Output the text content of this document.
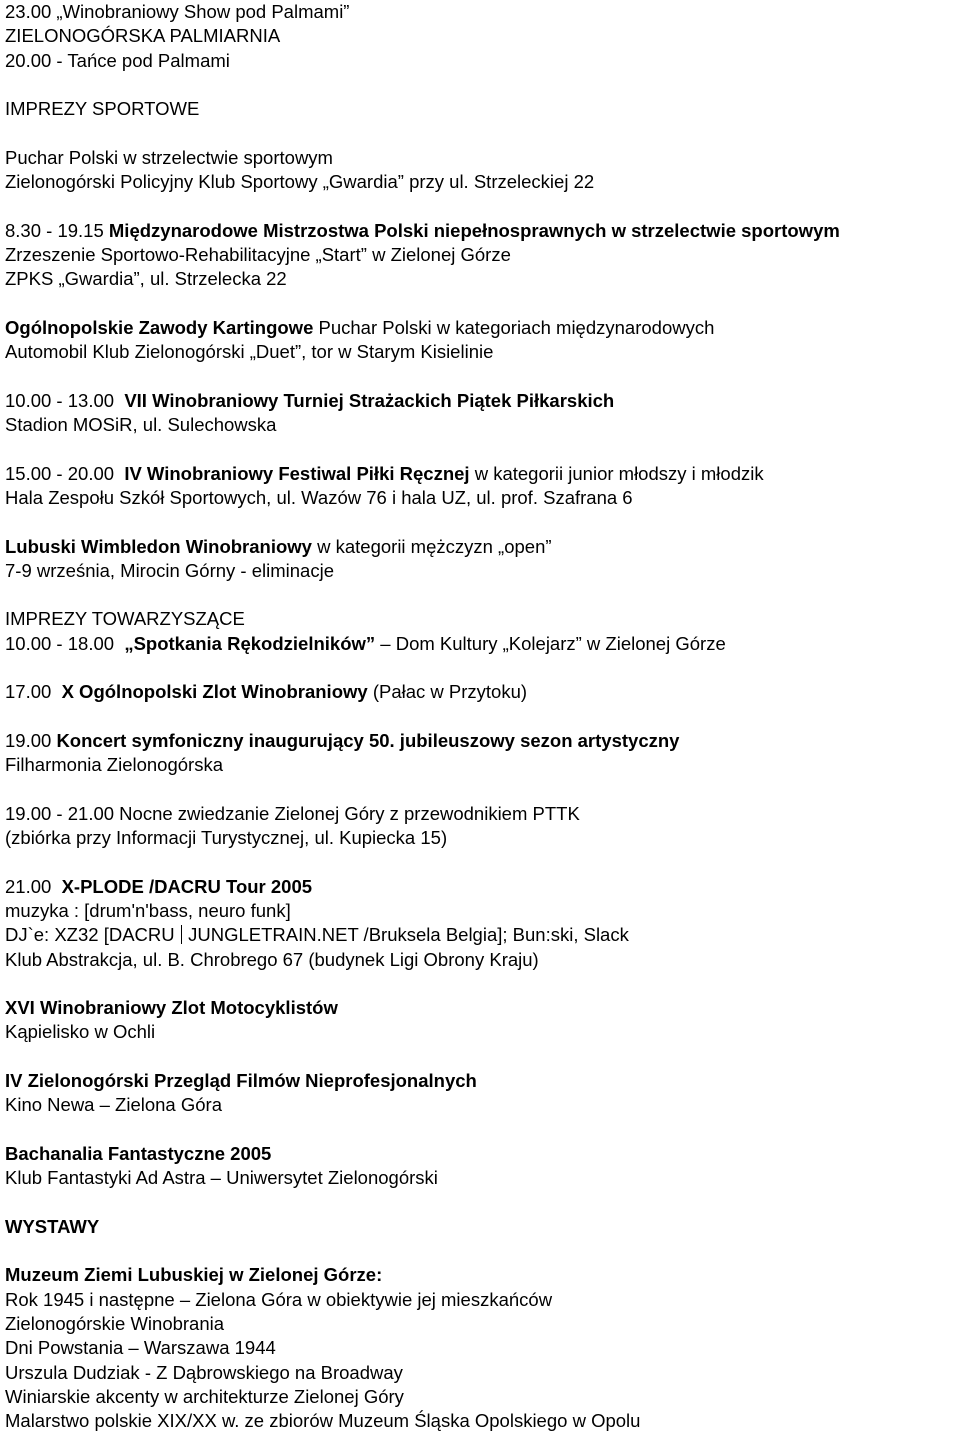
23.00 „Winobraniowy Show pod Palmami”
ZIELONOGÓRSKA PALMIARNIA
20.00 - Tańce pod Palmami
IMPREZY SPORTOWE
Puchar Polski w strzelectwie sportowym
Zielonogórski Policyjny Klub Sportowy „Gwardia” przy ul. Strzeleckiej 22
8.30 - 19.15 Międzynarodowe Mistrzostwa Polski niepełnosprawnych w strzelectwie sportowym
Zrzeszenie Sportowo-Rehabilitacyjne „Start” w Zielonej Górze
ZPKS „Gwardia”, ul. Strzelecka 22
Ogólnopolskie Zawody Kartingowe Puchar Polski w kategoriach międzynarodowych
Automobil Klub Zielonogórski „Duet”, tor w Starym Kisielinie
10.00 - 13.00 VII Winobraniowy Turniej Strażackich Piątek Piłkarskich
Stadion MOSiR, ul. Sulechowska
15.00 - 20.00 IV Winobraniowy Festiwal Piłki Ręcznej w kategorii junior młodszy i młodzik
Hala Zespołu Szkół Sportowych, ul. Wazów 76 i hala UZ, ul. prof. Szafrana 6
Lubuski Wimbledon Winobraniowy w kategorii mężczyzn „open”
7-9 września, Mirocin Górny - eliminacje
IMPREZY TOWARZYSZĄCE
10.00 - 18.00 „Spotkania Rękodzielników” – Dom Kultury „Kolejarz” w Zielonej Górze
17.00 X Ogólnopolski Zlot Winobraniowy (Pałac w Przytoku)
19.00 Koncert symfoniczny inaugurujący 50. jubileuszowy sezon artystyczny
Filharmonia Zielonogórska
19.00 - 21.00 Nocne zwiedzanie Zielonej Góry z przewodnikiem PTTK
(zbiórka przy Informacji Turystycznej, ul. Kupiecka 15)
21.00 X-PLODE /DACRU Tour 2005
muzyka : [drum'n'bass, neuro funk]
DJ`e: XZ32 [DACRU JUNGLETRAIN.NET /Bruksela Belgia]; Bun:ski, Slack
Klub Abstrakcja, ul. B. Chrobrego 67 (budynek Ligi Obrony Kraju)
XVI Winobraniowy Zlot Motocyklistów
Kąpielisko w Ochli
IV Zielonogórski Przegląd Filmów Nieprofesjonalnych
Kino Newa – Zielona Góra
Bachanalia Fantastyczne 2005
Klub Fantastyki Ad Astra – Uniwersytet Zielonogórski
WYSTAWY
Muzeum Ziemi Lubuskiej w Zielonej Górze:
Rok 1945 i następne – Zielona Góra w obiektywie jej mieszkańców
Zielonogórskie Winobrania
Dni Powstania – Warszawa 1944
Urszula Dudziak - Z Dąbrowskiego na Broadway
Winiarskie akcenty w architekturze Zielonej Góry
Malarstwo polskie XIX/XX w. ze zbiorów Muzeum Śląska Opolskiego w Opolu
